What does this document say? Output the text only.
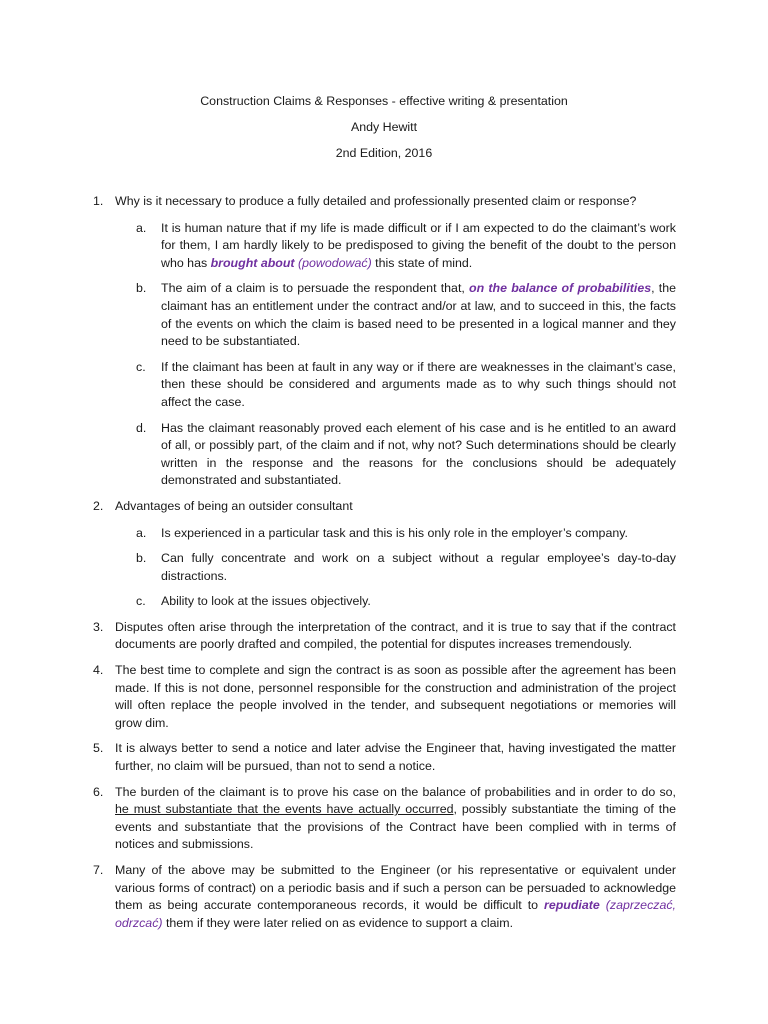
Construction Claims & Responses - effective writing & presentation
Andy Hewitt
2nd Edition, 2016
1. Why is it necessary to produce a fully detailed and professionally presented claim or response?
a. It is human nature that if my life is made difficult or if I am expected to do the claimant’s work for them, I am hardly likely to be predisposed to giving the benefit of the doubt to the person who has brought about (powodować) this state of mind.
b. The aim of a claim is to persuade the respondent that, on the balance of probabilities, the claimant has an entitlement under the contract and/or at law, and to succeed in this, the facts of the events on which the claim is based need to be presented in a logical manner and they need to be substantiated.
c. If the claimant has been at fault in any way or if there are weaknesses in the claimant’s case, then these should be considered and arguments made as to why such things should not affect the case.
d. Has the claimant reasonably proved each element of his case and is he entitled to an award of all, or possibly part, of the claim and if not, why not? Such determinations should be clearly written in the response and the reasons for the conclusions should be adequately demonstrated and substantiated.
2. Advantages of being an outsider consultant
a. Is experienced in a particular task and this is his only role in the employer’s company.
b. Can fully concentrate and work on a subject without a regular employee’s day-to-day distractions.
c. Ability to look at the issues objectively.
3. Disputes often arise through the interpretation of the contract, and it is true to say that if the contract documents are poorly drafted and compiled, the potential for disputes increases tremendously.
4. The best time to complete and sign the contract is as soon as possible after the agreement has been made. If this is not done, personnel responsible for the construction and administration of the project will often replace the people involved in the tender, and subsequent negotiations or memories will grow dim.
5. It is always better to send a notice and later advise the Engineer that, having investigated the matter further, no claim will be pursued, than not to send a notice.
6. The burden of the claimant is to prove his case on the balance of probabilities and in order to do so, he must substantiate that the events have actually occurred, possibly substantiate the timing of the events and substantiate that the provisions of the Contract have been complied with in terms of notices and submissions.
7. Many of the above may be submitted to the Engineer (or his representative or equivalent under various forms of contract) on a periodic basis and if such a person can be persuaded to acknowledge them as being accurate contemporaneous records, it would be difficult to repudiate (zaprzeczać, odrzcać) them if they were later relied on as evidence to support a claim.
